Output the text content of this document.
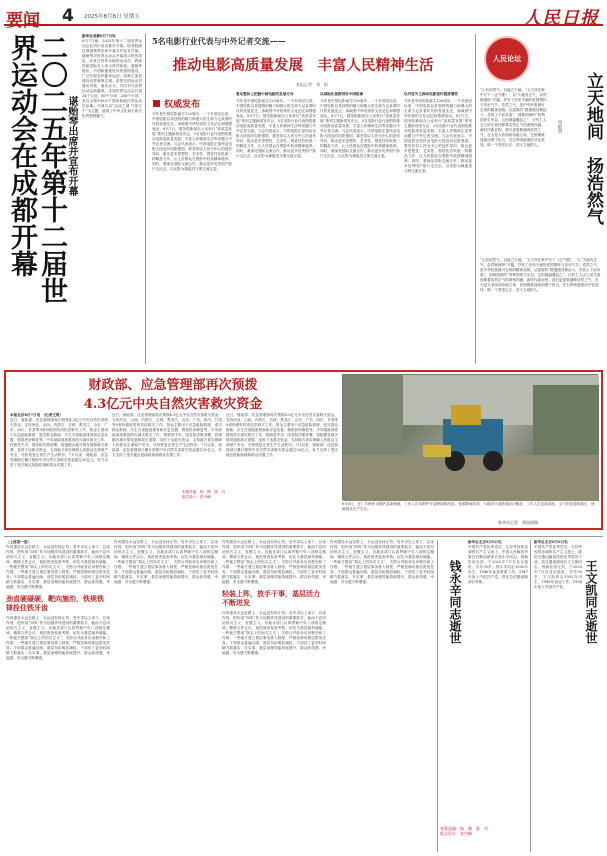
要闻 4 2025年8月8日 星期五	人民日报
二〇二五年第十二届世界运动会在成都开幕	谌贻琴出席并宣布开幕
新华社成都8月7日电
8月7日晚，2025年第十二届世界运动会在四川省成都市开幕。国务院副总理谌贻琴出席开幕式并宣布开幕。谌贻琴对世界运动会开幕表示热烈祝贺，向来自世界各地的运动员、教练员和国际友人表示热烈欢迎。谌贻琴指出，中国积极推进体育强国建设，广泛开展全民健身运动，成都正加快建设世界赛事名城。希望各国运动员赛出风格、赛出水平，共同书写世界运动会新篇章。本届世界运动会共设34个大项、60个分项、256个小项，来自全球100余个国家和地区的运动员参赛。开幕式以“运动之城 气象万千”为主题，展现了中华文化和天府文化的独特魅力。
5名电影行业代表与中外记者交流——
推动电影高质量发展　丰富人民精神生活
本报记者　刘　阳
权威发布
今年是中国电影诞生120周年。一个多世纪以来，中国电影以其独特的魅力和强大的生命力记录着时代的发展变迁，承载着中华民族的文化记忆和情感表达。8月7日，国务院新闻办公室举行“高质量发展”系列主题新闻发布会，5名电影行业代表围绕推动电影高质量发展、丰富人民精神生活等话题与中外记者交流。与会代表表示，中国电影正加快由电影大国迈向电影强国，要坚持以人民为中心的创作导向，推出更多思想性、艺术性、观赏性有机统一的精品力作，让人民群众在观影中收获精神滋养。同时，要深化国际交流合作，推动更多优秀国产影片走出去，以光影为媒促进文明交流互鉴。
要从整体上把握中国电影的发展方向
今年是中国电影诞生120周年。一个多世纪以来，中国电影以其独特的魅力和强大的生命力记录着时代的发展变迁，承载着中华民族的文化记忆和情感表达。8月7日，国务院新闻办公室举行“高质量发展”系列主题新闻发布会，5名电影行业代表围绕推动电影高质量发展、丰富人民精神生活等话题与中外记者交流。与会代表表示，中国电影正加快由电影大国迈向电影强国，要坚持以人民为中心的创作导向，推出更多思想性、艺术性、观赏性有机统一的精品力作，让人民群众在观影中收获精神滋养。同时，要深化国际交流合作，推动更多优秀国产影片走出去，以光影为媒促进文明交流互鉴。
以国际化视野讲好中国故事
今年是中国电影诞生120周年。一个多世纪以来，中国电影以其独特的魅力和强大的生命力记录着时代的发展变迁，承载着中华民族的文化记忆和情感表达。8月7日，国务院新闻办公室举行“高质量发展”系列主题新闻发布会，5名电影行业代表围绕推动电影高质量发展、丰富人民精神生活等话题与中外记者交流。与会代表表示，中国电影正加快由电影大国迈向电影强国，要坚持以人民为中心的创作导向，推出更多思想性、艺术性、观赏性有机统一的精品力作，让人民群众在观影中收获精神滋养。同时，要深化国际交流合作，推动更多优秀国产影片走出去，以光影为媒促进文明交流互鉴。
以内容为王推动电影创作提质增效
今年是中国电影诞生120周年。一个多世纪以来，中国电影以其独特的魅力和强大的生命力记录着时代的发展变迁，承载着中华民族的文化记忆和情感表达。8月7日，国务院新闻办公室举行“高质量发展”系列主题新闻发布会，5名电影行业代表围绕推动电影高质量发展、丰富人民精神生活等话题与中外记者交流。与会代表表示，中国电影正加快由电影大国迈向电影强国，要坚持以人民为中心的创作导向，推出更多思想性、艺术性、观赏性有机统一的精品力作，让人民群众在观影中收获精神滋养。同时，要深化国际交流合作，推动更多优秀国产影片走出去，以光影为媒促进文明交流互鉴。
人民论坛
立天地间　扬浩然气
周艳明
“心有浩然气，自能立天地。”文天祥在狱中写下《正气歌》，以“天地有正气，杂然赋流形”开篇，抒发了至死不渝的爱国情怀与坚贞气节。浩然之气，是中华民族最可宝贵的精神品格。从屈原的“路漫漫其修远兮，吾将上下而求索”，到林则徐的“苟利国家生死以，岂因祸福避趋之”，历代仁人志士用生命诠释着浩然正气的深刻内涵。新时代新征程，我们更需要涵养浩然之气，在大是大非面前站稳立场，在困难挑战面前勇于担当，在名利诱惑面前守住底线，做一个堂堂正正、顶天立地的人。
“心有浩然气，自能立天地。”文天祥在狱中写下《正气歌》，以“天地有正气，杂然赋流形”开篇，抒发了至死不渝的爱国情怀与坚贞气节。浩然之气，是中华民族最可宝贵的精神品格。从屈原的“路漫漫其修远兮，吾将上下而求索”，到林则徐的“苟利国家生死以，岂因祸福避趋之”，历代仁人志士用生命诠释着浩然正气的深刻内涵。新时代新征程，我们更需要涵养浩然之气，在大是大非面前站稳立场，在困难挑战面前勇于担当，在名利诱惑面前守住底线，做一个堂堂正正、顶天立地的人。
财政部、应急管理部再次预拨
4.3亿元中央自然灾害救灾资金
本报北京8月7日电 （记者王观）
近日，财政部、应急管理部再次预拨4.3亿元中央自然灾害救灾资金，支持河北、山西、内蒙古、吉林、黑龙江、山东、广东、四川、甘肃等9省份做好防汛抗洪救灾工作。资金主要用于应急抢险救援、受灾群众救助、次生灾害隐患排查和应急处置、倒损民房修复等。中央财政高度重视防灾减灾救灾工作，按照党中央、国务院决策部署，将根据各地灾情发展和救灾需要，及时下达救灾资金，支持地方切实保障人民群众生命财产安全，尽快恢复正常生产生活秩序。7月以来，财政部、应急管理部已累计预拨中央自然灾害救灾资金超过30亿元，有力支持了受灾地区抢险救援和群众安置工作。
近日，财政部、应急管理部再次预拨4.3亿元中央自然灾害救灾资金，支持河北、山西、内蒙古、吉林、黑龙江、山东、广东、四川、甘肃等9省份做好防汛抗洪救灾工作。资金主要用于应急抢险救援、受灾群众救助、次生灾害隐患排查和应急处置、倒损民房修复等。中央财政高度重视防灾减灾救灾工作，按照党中央、国务院决策部署，将根据各地灾情发展和救灾需要，及时下达救灾资金，支持地方切实保障人民群众生命财产安全，尽快恢复正常生产生活秩序。7月以来，财政部、应急管理部已累计预拨中央自然灾害救灾资金超过30亿元，有力支持了受灾地区抢险救援和群众安置工作。
近日，财政部、应急管理部再次预拨4.3亿元中央自然灾害救灾资金，支持河北、山西、内蒙古、吉林、黑龙江、山东、广东、四川、甘肃等9省份做好防汛抗洪救灾工作。资金主要用于应急抢险救援、受灾群众救助、次生灾害隐患排查和应急处置、倒损民房修复等。中央财政高度重视防灾减灾救灾工作，按照党中央、国务院决策部署，将根据各地灾情发展和救灾需要，及时下达救灾资金，支持地方切实保障人民群众生命财产安全，尽快恢复正常生产生活秩序。7月以来，财政部、应急管理部已累计预拨中央自然灾害救灾资金超过30亿元，有力支持了受灾地区抢险救援和群众安置工作。
本版责编：杨　柳　陈　丹
版式设计：张丹峰
8月6日，在广东梅州市蕉岭县新铺镇，工作人员驾驶铲车清理道路淤泥。受强降雨影响，当地部分道路被泥沙覆盖，工作人员连续奋战，全力恢复道路通行，保障群众生产生活。
新华社记者　黄国保摄
（上接第一版）
作风建设永远在路上，永远没有休止符。党中央以上率下、以身作则，把纠治“四风”作为加强作风建设的重要抓手，驰而不息纠治形式主义、官僚主义。各地各部门认真贯彻中央八项规定精神，精简文件会议、规范督查检查考核，切实为基层减负赋能。一些地方整治“指尖上的形式主义”，关停合并政务应用程序和工作群；一些地方建立基层事务准入制度，严格控制向基层派发任务。干部群众普遍反映，基层负担明显减轻，干部有了更多时间精力抓落实、办实事，基层治理效能持续提升，群众获得感、幸福感、安全感不断增强。
劲直硬碰硬，靶向施治，铁规铁律拴住铁牙齿
作风建设永远在路上，永远没有休止符。党中央以上率下、以身作则，把纠治“四风”作为加强作风建设的重要抓手，驰而不息纠治形式主义、官僚主义。各地各部门认真贯彻中央八项规定精神，精简文件会议、规范督查检查考核，切实为基层减负赋能。一些地方整治“指尖上的形式主义”，关停合并政务应用程序和工作群；一些地方建立基层事务准入制度，严格控制向基层派发任务。干部群众普遍反映，基层负担明显减轻，干部有了更多时间精力抓落实、办实事，基层治理效能持续提升，群众获得感、幸福感、安全感不断增强。
作风建设永远在路上，永远没有休止符。党中央以上率下、以身作则，把纠治“四风”作为加强作风建设的重要抓手，驰而不息纠治形式主义、官僚主义。各地各部门认真贯彻中央八项规定精神，精简文件会议、规范督查检查考核，切实为基层减负赋能。一些地方整治“指尖上的形式主义”，关停合并政务应用程序和工作群；一些地方建立基层事务准入制度，严格控制向基层派发任务。干部群众普遍反映，基层负担明显减轻，干部有了更多时间精力抓落实、办实事，基层治理效能持续提升，群众获得感、幸福感、安全感不断增强。
作风建设永远在路上，永远没有休止符。党中央以上率下、以身作则，把纠治“四风”作为加强作风建设的重要抓手，驰而不息纠治形式主义、官僚主义。各地各部门认真贯彻中央八项规定精神，精简文件会议、规范督查检查考核，切实为基层减负赋能。一些地方整治“指尖上的形式主义”，关停合并政务应用程序和工作群；一些地方建立基层事务准入制度，严格控制向基层派发任务。干部群众普遍反映，基层负担明显减轻，干部有了更多时间精力抓落实、办实事，基层治理效能持续提升，群众获得感、幸福感、安全感不断增强。
轻装上阵，放手干事，基层活力不断迸发
作风建设永远在路上，永远没有休止符。党中央以上率下、以身作则，把纠治“四风”作为加强作风建设的重要抓手，驰而不息纠治形式主义、官僚主义。各地各部门认真贯彻中央八项规定精神，精简文件会议、规范督查检查考核，切实为基层减负赋能。一些地方整治“指尖上的形式主义”，关停合并政务应用程序和工作群；一些地方建立基层事务准入制度，严格控制向基层派发任务。干部群众普遍反映，基层负担明显减轻，干部有了更多时间精力抓落实、办实事，基层治理效能持续提升，群众获得感、幸福感、安全感不断增强。
作风建设永远在路上，永远没有休止符。党中央以上率下、以身作则，把纠治“四风”作为加强作风建设的重要抓手，驰而不息纠治形式主义、官僚主义。各地各部门认真贯彻中央八项规定精神，精简文件会议、规范督查检查考核，切实为基层减负赋能。一些地方整治“指尖上的形式主义”，关停合并政务应用程序和工作群；一些地方建立基层事务准入制度，严格控制向基层派发任务。干部群众普遍反映，基层负担明显减轻，干部有了更多时间精力抓落实、办实事，基层治理效能持续提升，群众获得感、幸福感、安全感不断增强。	钱永辛同志逝世
新华社北京8月6日电
中国共产党优秀党员，久经考验的忠诚的共产主义战士，中国人民解放军原总后勤部副部长钱永辛同志，因病医治无效，于2025年7月在北京逝世，享年95岁。钱永辛同志1930年出生，1946年参加革命工作，1947年加入中国共产党。曾任总后勤部副部长等职。	王文凯同志逝世
新华社北京8月6日电
中国共产党优秀党员，久经考验的忠诚的共产主义战士，我国交通运输战线的优秀领导干部，原交通部副部长王文凯同志，因病医治无效，于2025年7月在北京逝世，享年93岁。王文凯同志1932年出生，1949年参加工作，1956年加入中国共产党。
本版责编：杨　柳　陈　丹
版式设计：张丹峰
